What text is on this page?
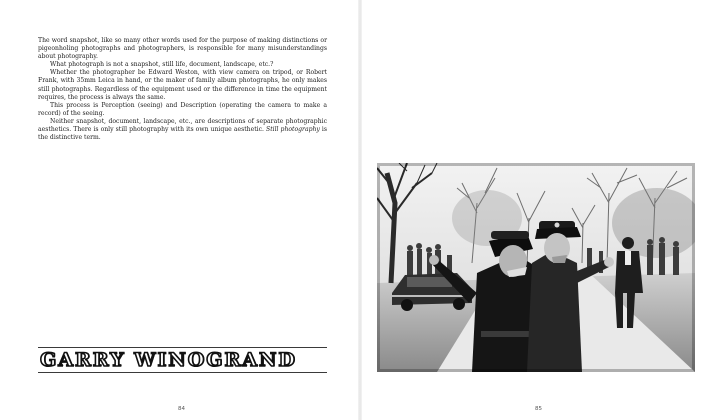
The word snapshot, like so many other words used for the purpose of making distinctions or pigeonholing photographs and photographers, is responsible for many misunderstandings about photography.

What photograph is not a snapshot, still life, document, landscape, etc.?

Whether the photographer be Edward Weston, with view camera on tripod, or Robert Frank, with 35mm Leica in hand, or the maker of family album photographs, he only makes still photographs. Regardless of the equipment used or the difference in time the equipment requires, the process is always the same.

This process is Perception (seeing) and Description (operating the camera to make a record) of the seeing.

Neither snapshot, document, landscape, etc., are descriptions of separate photographic aesthetics. There is only still photography with its own unique aesthetic. Still photography is the distinctive term.

GARRY WINOGRAND
84	85
